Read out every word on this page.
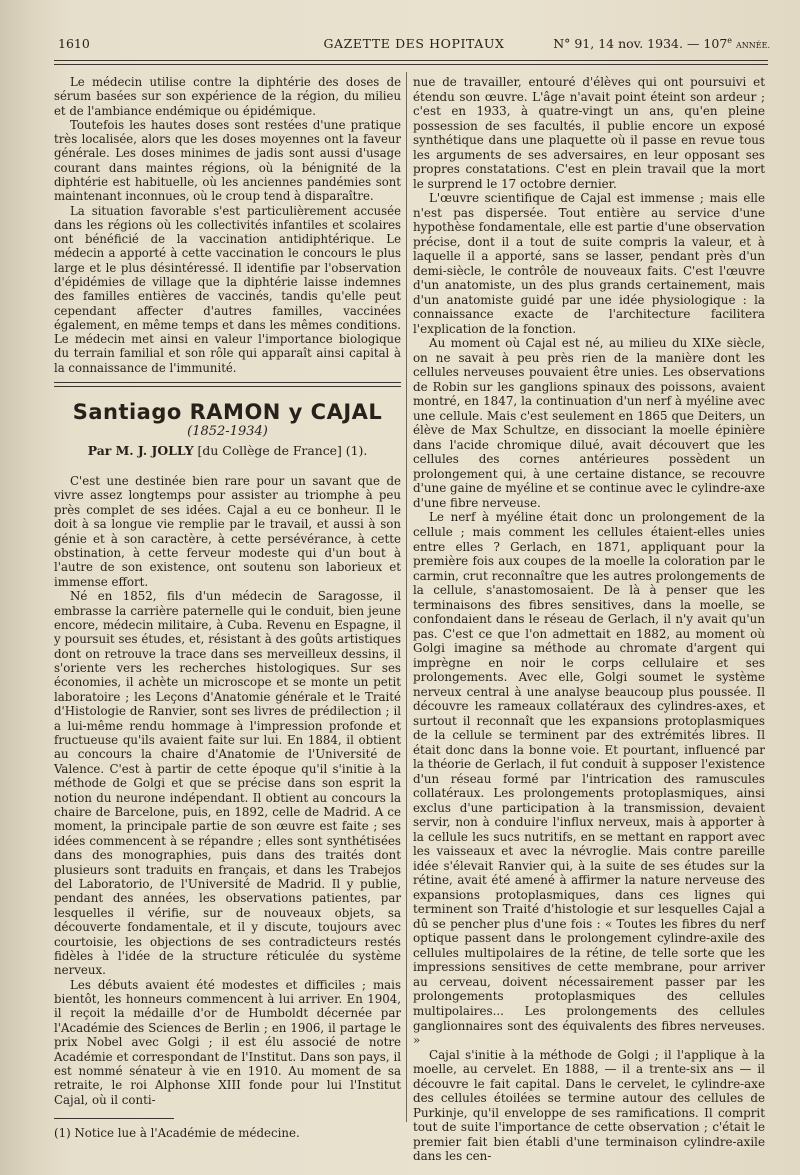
1610	GAZETTE DES HOPITAUX	N° 91, 14 nov. 1934. — 107e ANNÉE.

Le médecin utilise contre la diphtérie des doses de sérum basées sur son expérience de la région, du milieu et de l'ambiance endémique ou épidémique.

Toutefois les hautes doses sont restées d'une pratique très localisée, alors que les doses moyennes ont la faveur générale. Les doses minimes de jadis sont aussi d'usage courant dans maintes régions, où la bénignité de la diphtérie est habituelle, où les anciennes pandémies sont maintenant inconnues, où le croup tend à disparaître.

La situation favorable s'est particulièrement accusée dans les régions où les collectivités infantiles et scolaires ont bénéficié de la vaccination antidiphtérique. Le médecin a apporté à cette vaccination le concours le plus large et le plus désintéressé. Il identifie par l'observation d'épidémies de village que la diphtérie laisse indemnes des familles entières de vaccinés, tandis qu'elle peut cependant affecter d'autres familles, vaccinées également, en même temps et dans les mêmes conditions. Le médecin met ainsi en valeur l'importance biologique du terrain familial et son rôle qui apparaît ainsi capital à la connaissance de l'immunité.

Santiago RAMON y CAJAL
(1852-1934)
Par M. J. JOLLY [du Collège de France] (1).

C'est une destinée bien rare pour un savant que de vivre assez longtemps pour assister au triomphe à peu près complet de ses idées. Cajal a eu ce bonheur. Il le doit à sa longue vie remplie par le travail, et aussi à son génie et à son caractère, à cette persévérance, à cette obstination, à cette ferveur modeste qui d'un bout à l'autre de son existence, ont soutenu son laborieux et immense effort.

Né en 1852, fils d'un médecin de Saragosse, il embrasse la carrière paternelle qui le conduit, bien jeune encore, médecin militaire, à Cuba. Revenu en Espagne, il y poursuit ses études, et, résistant à des goûts artistiques dont on retrouve la trace dans ses merveilleux dessins, il s'oriente vers les recherches histologiques. Sur ses économies, il achète un microscope et se monte un petit laboratoire ; les Leçons d'Anatomie générale et le Traité d'Histologie de Ranvier, sont ses livres de prédilection ; il a lui-même rendu hommage à l'impression profonde et fructueuse qu'ils avaient faite sur lui. En 1884, il obtient au concours la chaire d'Anatomie de l'Université de Valence. C'est à partir de cette époque qu'il s'initie à la méthode de Golgi et que se précise dans son esprit la notion du neurone indépendant. Il obtient au concours la chaire de Barcelone, puis, en 1892, celle de Madrid. A ce moment, la principale partie de son œuvre est faite ; ses idées commencent à se répandre ; elles sont synthétisées dans des monographies, puis dans des traités dont plusieurs sont traduits en français, et dans les Trabejos del Laboratorio, de l'Université de Madrid. Il y publie, pendant des années, les observations patientes, par lesquelles il vérifie, sur de nouveaux objets, sa découverte fondamentale, et il y discute, toujours avec courtoisie, les objections de ses contradicteurs restés fidèles à l'idée de la structure réticulée du système nerveux.

Les débuts avaient été modestes et difficiles ; mais bientôt, les honneurs commencent à lui arriver. En 1904, il reçoit la médaille d'or de Humboldt décernée par l'Académie des Sciences de Berlin ; en 1906, il partage le prix Nobel avec Golgi ; il est élu associé de notre Académie et correspondant de l'Institut. Dans son pays, il est nommé sénateur à vie en 1910. Au moment de sa retraite, le roi Alphonse XIII fonde pour lui l'Institut Cajal, où il conti-

(1) Notice lue à l'Académie de médecine.

nue de travailler, entouré d'élèves qui ont poursuivi et étendu son œuvre. L'âge n'avait point éteint son ardeur ; c'est en 1933, à quatre-vingt un ans, qu'en pleine possession de ses facultés, il publie encore un exposé synthétique dans une plaquette où il passe en revue tous les arguments de ses adversaires, en leur opposant ses propres constatations. C'est en plein travail que la mort le surprend le 17 octobre dernier.

L'œuvre scientifique de Cajal est immense ; mais elle n'est pas dispersée. Tout entière au service d'une hypothèse fondamentale, elle est partie d'une observation précise, dont il a tout de suite compris la valeur, et à laquelle il a apporté, sans se lasser, pendant près d'un demi-siècle, le contrôle de nouveaux faits. C'est l'œuvre d'un anatomiste, un des plus grands certainement, mais d'un anatomiste guidé par une idée physiologique : la connaissance exacte de l'architecture facilitera l'explication de la fonction.

Au moment où Cajal est né, au milieu du XIXe siècle, on ne savait à peu près rien de la manière dont les cellules nerveuses pouvaient être unies. Les observations de Robin sur les ganglions spinaux des poissons, avaient montré, en 1847, la continuation d'un nerf à myéline avec une cellule. Mais c'est seulement en 1865 que Deiters, un élève de Max Schultze, en dissociant la moelle épinière dans l'acide chromique dilué, avait découvert que les cellules des cornes antérieures possèdent un prolongement qui, à une certaine distance, se recouvre d'une gaine de myéline et se continue avec le cylindre-axe d'une fibre nerveuse.

Le nerf à myéline était donc un prolongement de la cellule ; mais comment les cellules étaient-elles unies entre elles ? Gerlach, en 1871, appliquant pour la première fois aux coupes de la moelle la coloration par le carmin, crut reconnaître que les autres prolongements de la cellule, s'anastomosaient. De là à penser que les terminaisons des fibres sensitives, dans la moelle, se confondaient dans le réseau de Gerlach, il n'y avait qu'un pas. C'est ce que l'on admettait en 1882, au moment où Golgi imagine sa méthode au chromate d'argent qui imprègne en noir le corps cellulaire et ses prolongements. Avec elle, Golgi soumet le système nerveux central à une analyse beaucoup plus poussée. Il découvre les rameaux collatéraux des cylindres-axes, et surtout il reconnaît que les expansions protoplasmiques de la cellule se terminent par des extrémités libres. Il était donc dans la bonne voie. Et pourtant, influencé par la théorie de Gerlach, il fut conduit à supposer l'existence d'un réseau formé par l'intrication des ramuscules collatéraux. Les prolongements protoplasmiques, ainsi exclus d'une participation à la transmission, devaient servir, non à conduire l'influx nerveux, mais à apporter à la cellule les sucs nutritifs, en se mettant en rapport avec les vaisseaux et avec la névroglie. Mais contre pareille idée s'élevait Ranvier qui, à la suite de ses études sur la rétine, avait été amené à affirmer la nature nerveuse des expansions protoplasmiques, dans ces lignes qui terminent son Traité d'histologie et sur lesquelles Cajal a dû se pencher plus d'une fois : « Toutes les fibres du nerf optique passent dans le prolongement cylindre-axile des cellules multipolaires de la rétine, de telle sorte que les impressions sensitives de cette membrane, pour arriver au cerveau, doivent nécessairement passer par les prolongements protoplasmiques des cellules multipolaires... Les prolongements des cellules ganglionnaires sont des équivalents des fibres nerveuses. »

Cajal s'initie à la méthode de Golgi ; il l'applique à la moelle, au cervelet. En 1888, — il a trente-six ans — il découvre le fait capital. Dans le cervelet, le cylindre-axe des cellules étoilées se termine autour des cellules de Purkinje, qu'il enveloppe de ses ramifications. Il comprit tout de suite l'importance de cette observation ; c'était le premier fait bien établi d'une terminaison cylindre-axile dans les cen-
